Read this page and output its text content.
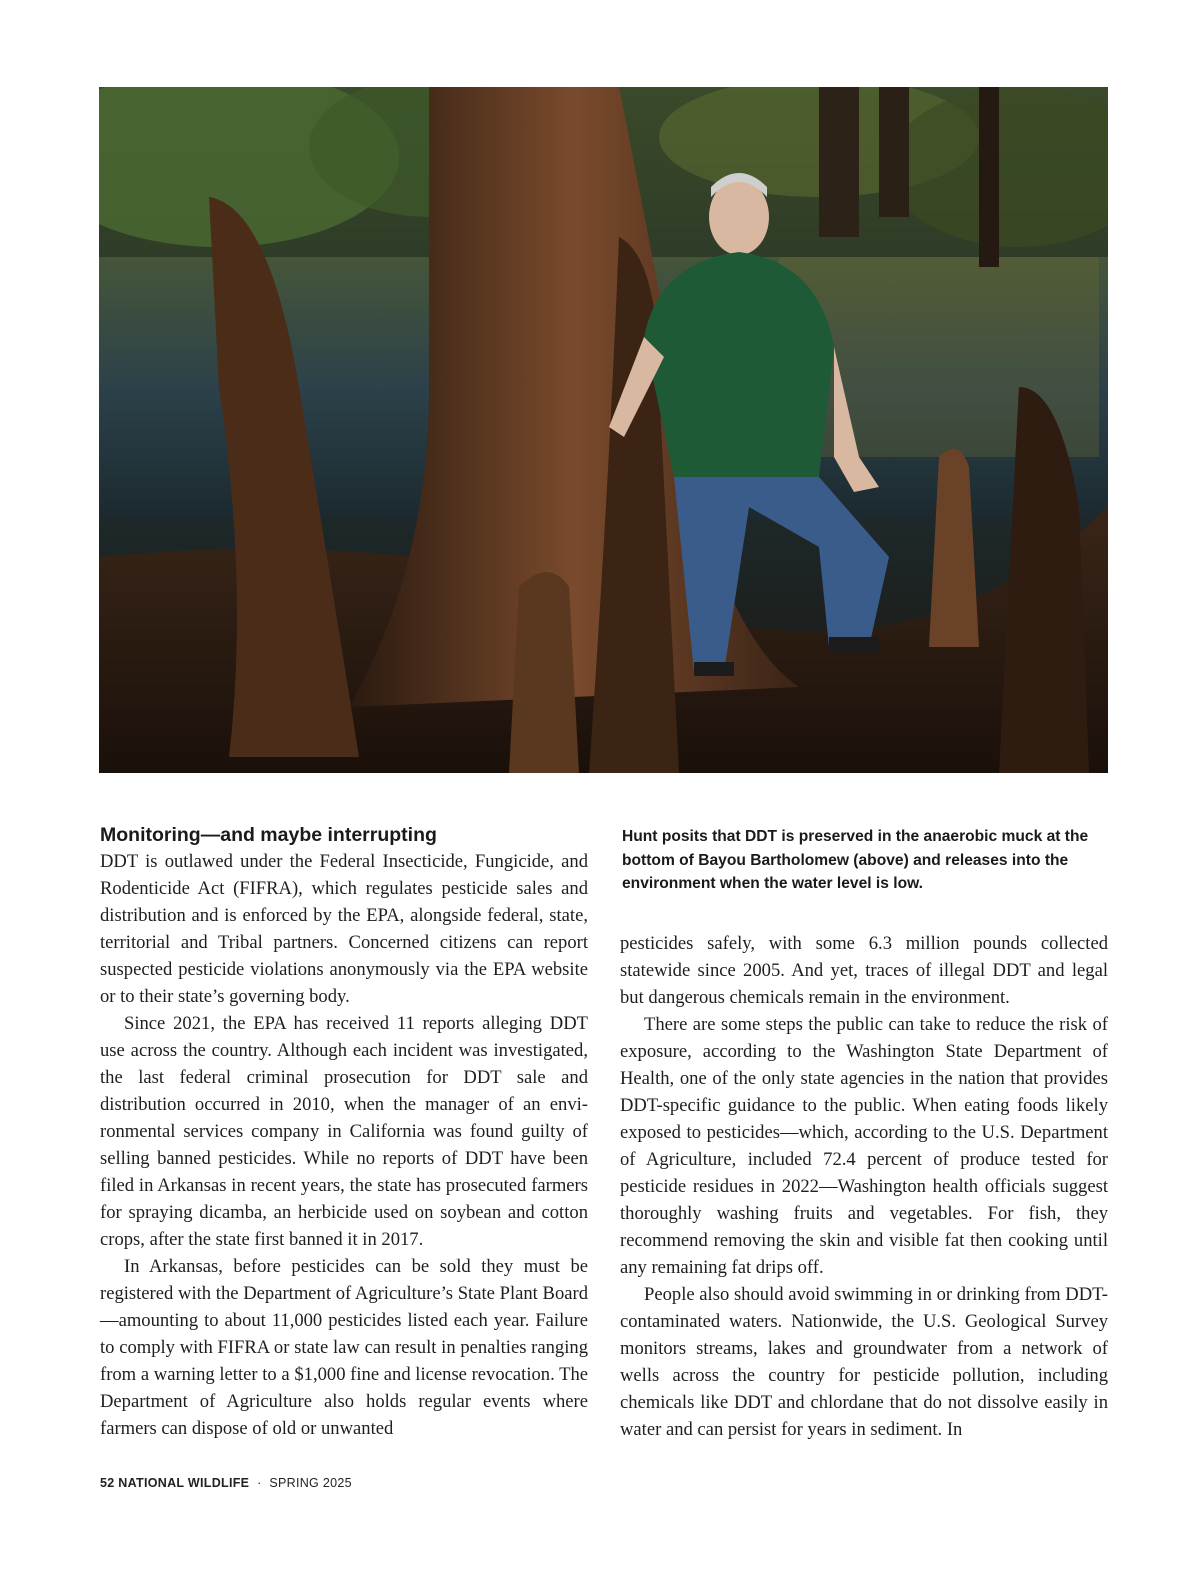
Monitoring—and maybe interrupting

DDT is outlawed under the Federal Insecticide, Fungicide, and Rodenticide Act (FIFRA), which regulates pesticide sales and distribution and is enforced by the EPA, alongside federal, state, territorial and Tribal partners. Concerned citizens can report suspected pesticide violations anonymously via the EPA website or to their state’s governing body.

Since 2021, the EPA has received 11 reports alleging DDT use across the country. Although each incident was investigated, the last federal criminal prosecution for DDT sale and distribution occurred in 2010, when the manager of an environmental services company in California was found guilty of selling banned pesticides. While no reports of DDT have been filed in Arkansas in recent years, the state has prosecuted farmers for spraying dicamba, an herbicide used on soybean and cotton crops, after the state first banned it in 2017.

In Arkansas, before pesticides can be sold they must be registered with the Department of Agriculture’s State Plant Board—amounting to about 11,000 pesticides listed each year. Failure to comply with FIFRA or state law can result in penalties ranging from a warning letter to a $1,000 fine and license revocation. The Department of Agriculture also holds regular events where farmers can dispose of old or unwanted

Hunt posits that DDT is preserved in the anaerobic muck at the bottom of Bayou Bartholomew (above) and releases into the environment when the water level is low.

pesticides safely, with some 6.3 million pounds collected statewide since 2005. And yet, traces of illegal DDT and legal but dangerous chemicals remain in the environment.

There are some steps the public can take to reduce the risk of exposure, according to the Washington State Department of Health, one of the only state agencies in the nation that provides DDT-specific guidance to the public. When eating foods likely exposed to pesticides—which, according to the U.S. Department of Agriculture, included 72.4 percent of produce tested for pesticide residues in 2022—Washington health officials suggest thoroughly washing fruits and vegetables. For fish, they recommend removing the skin and visible fat then cooking until any remaining fat drips off.

People also should avoid swimming in or drinking from DDT-contaminated waters. Nationwide, the U.S. Geological Survey monitors streams, lakes and groundwater from a network of wells across the country for pesticide pollution, including chemicals like DDT and chlordane that do not dissolve easily in water and can persist for years in sediment. In

52 NATIONAL WILDLIFE · SPRING 2025
